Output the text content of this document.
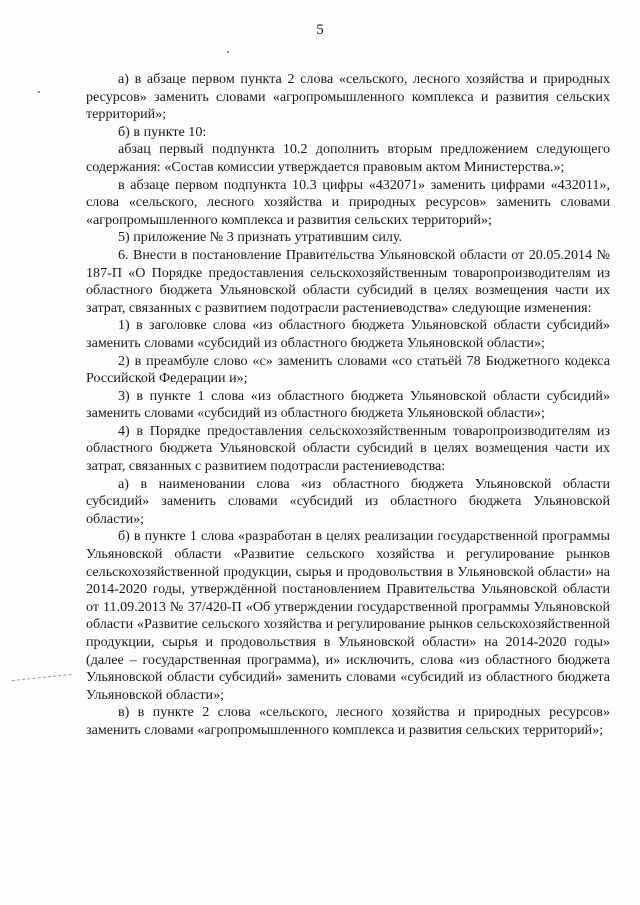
5

а) в абзаце первом пункта 2 слова «сельского, лесного хозяйства и природных ресурсов» заменить словами «агропромышленного комплекса и развития сельских территорий»;

б) в пункте 10:

абзац первый подпункта 10.2 дополнить вторым предложением следующего содержания: «Состав комиссии утверждается правовым актом Министерства.»;

в абзаце первом подпункта 10.3 цифры «432071» заменить цифрами «432011», слова «сельского, лесного хозяйства и природных ресурсов» заменить словами «агропромышленного комплекса и развития сельских территорий»;

5) приложение № 3 признать утратившим силу.

6. Внести в постановление Правительства Ульяновской области от 20.05.2014 № 187-П «О Порядке предоставления сельскохозяйственным товаропроизводителям из областного бюджета Ульяновской области субсидий в целях возмещения части их затрат, связанных с развитием подотрасли растениеводства» следующие изменения:

1) в заголовке слова «из областного бюджета Ульяновской области субсидий» заменить словами «субсидий из областного бюджета Ульяновской области»;

2) в преамбуле слово «с» заменить словами «со статьёй 78 Бюджетного кодекса Российской Федерации и»;

3) в пункте 1 слова «из областного бюджета Ульяновской области субсидий» заменить словами «субсидий из областного бюджета Ульяновской области»;

4) в Порядке предоставления сельскохозяйственным товаропроизводителям из областного бюджета Ульяновской области субсидий в целях возмещения части их затрат, связанных с развитием подотрасли растениеводства:

а) в наименовании слова «из областного бюджета Ульяновской области субсидий» заменить словами «субсидий из областного бюджета Ульяновской области»;

б) в пункте 1 слова «разработан в целях реализации государственной программы Ульяновской области «Развитие сельского хозяйства и регулирование рынков сельскохозяйственной продукции, сырья и продовольствия в Ульяновской области» на 2014-2020 годы, утверждённой постановлением Правительства Ульяновской области от 11.09.2013 № 37/420-П «Об утверждении государственной программы Ульяновской области «Развитие сельского хозяйства и регулирование рынков сельскохозяйственной продукции, сырья и продовольствия в Ульяновской области» на 2014-2020 годы» (далее – государственная программа), и» исключить, слова «из областного бюджета Ульяновской области субсидий» заменить словами «субсидий из областного бюджета Ульяновской области»;

в) в пункте 2 слова «сельского, лесного хозяйства и природных ресурсов» заменить словами «агропромышленного комплекса и развития сельских территорий»;
